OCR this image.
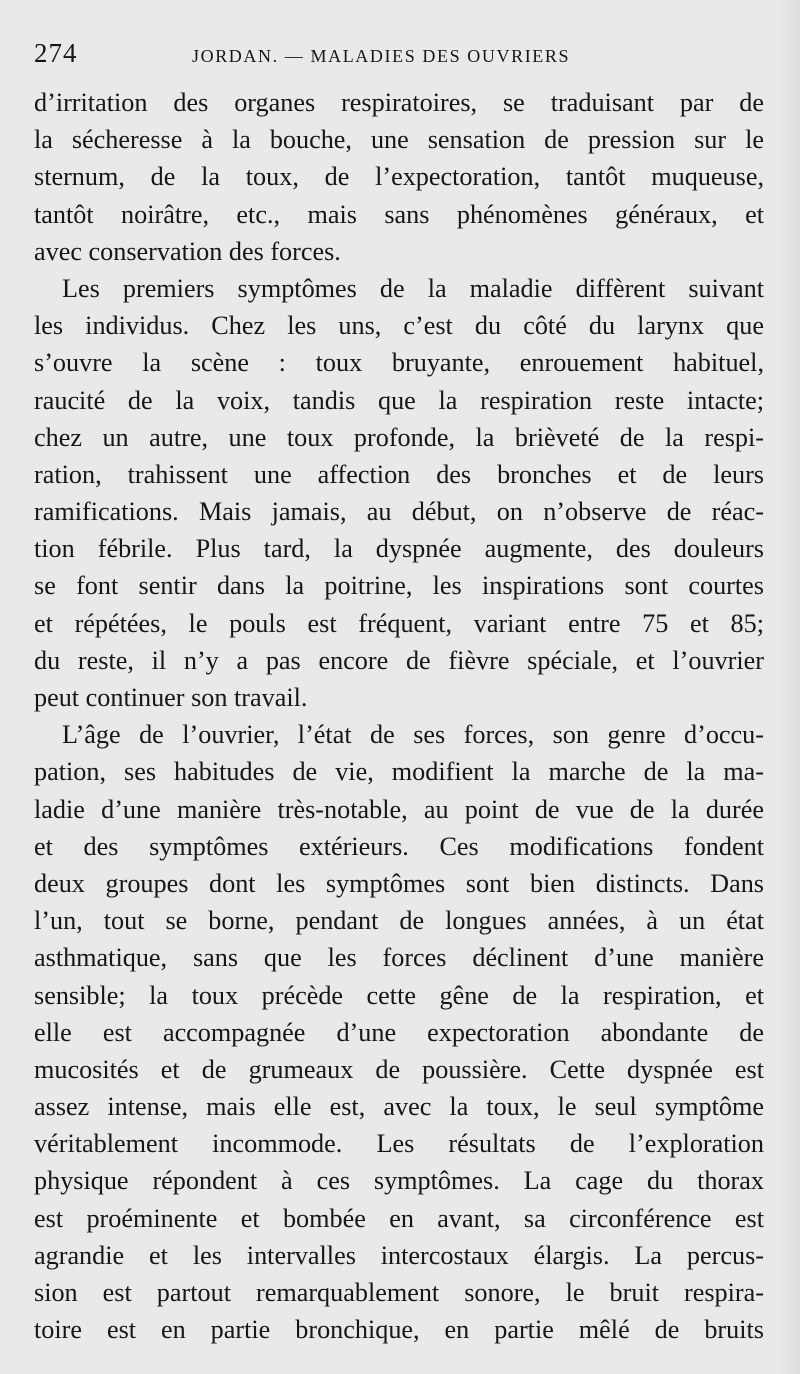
274	JORDAN. — MALADIES DES OUVRIERS
d’irritation des organes respiratoires, se traduisant par de
la sécheresse à la bouche, une sensation de pression sur le
sternum, de la toux, de l’expectoration, tantôt muqueuse,
tantôt noirâtre, etc., mais sans phénomènes généraux, et
avec conservation des forces.
Les premiers symptômes de la maladie diffèrent suivant
les individus. Chez les uns, c’est du côté du larynx que
s’ouvre la scène : toux bruyante, enrouement habituel,
raucité de la voix, tandis que la respiration reste intacte;
chez un autre, une toux profonde, la brièveté de la respi-
ration, trahissent une affection des bronches et de leurs
ramifications. Mais jamais, au début, on n’observe de réac-
tion fébrile. Plus tard, la dyspnée augmente, des douleurs
se font sentir dans la poitrine, les inspirations sont courtes
et répétées, le pouls est fréquent, variant entre 75 et 85;
du reste, il n’y a pas encore de fièvre spéciale, et l’ouvrier
peut continuer son travail.
L’âge de l’ouvrier, l’état de ses forces, son genre d’occu-
pation, ses habitudes de vie, modifient la marche de la ma-
ladie d’une manière très-notable, au point de vue de la durée
et des symptômes extérieurs. Ces modifications fondent
deux groupes dont les symptômes sont bien distincts. Dans
l’un, tout se borne, pendant de longues années, à un état
asthmatique, sans que les forces déclinent d’une manière
sensible; la toux précède cette gêne de la respiration, et
elle est accompagnée d’une expectoration abondante de
mucosités et de grumeaux de poussière. Cette dyspnée est
assez intense, mais elle est, avec la toux, le seul symptôme
véritablement incommode. Les résultats de l’exploration
physique répondent à ces symptômes. La cage du thorax
est proéminente et bombée en avant, sa circonférence est
agrandie et les intervalles intercostaux élargis. La percus-
sion est partout remarquablement sonore, le bruit respira-
toire est en partie bronchique, en partie mêlé de bruits
